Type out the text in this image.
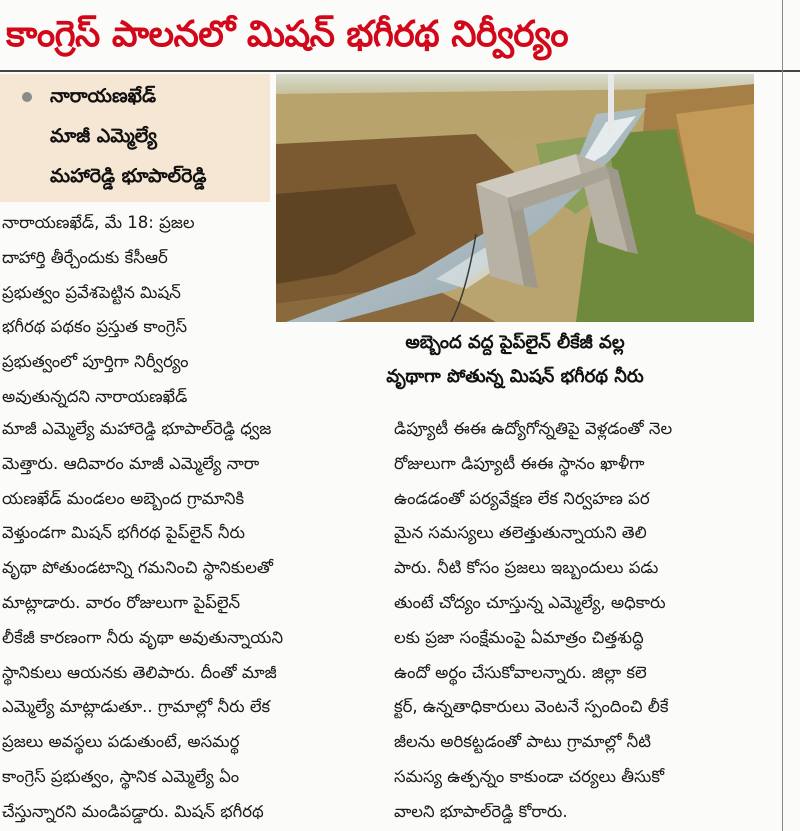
కాంగ్రెస్ పాలనలో మిషన్ భగీరథ నిర్వీర్యం
నారాయణఖేడ్
మాజీ ఎమ్మెల్యే
మహారెడ్డి భూపాల్‌రెడ్డి
అబ్బెంద వద్ద పైప్‌లైన్ లీకేజీ వల్ల
వృథాగా పోతున్న మిషన్ భగీరథ నీరు
నారాయణఖేడ్, మే 18: ప్రజల
దాహార్తి తీర్చేందుకు కేసీఆర్
ప్రభుత్వం ప్రవేశపెట్టిన మిషన్
భగీరథ పథకం ప్రస్తుత కాంగ్రెస్
ప్రభుత్వంలో పూర్తిగా నిర్వీర్యం
అవుతున్నదని నారాయణఖేడ్
మాజీ ఎమ్మెల్యే మహారెడ్డి భూపాల్‌రెడ్డి ధ్వజ
మెత్తారు. ఆదివారం మాజీ ఎమ్మెల్యే నారా
యణఖేడ్ మండలం అబ్బెంద గ్రామానికి
వెళ్తుండగా మిషన్ భగీరథ పైప్‌లైన్ నీరు
వృథా పోతుండటాన్ని గమనించి స్థానికులతో
మాట్లాడారు. వారం రోజులుగా పైప్‌లైన్
లీకేజీ కారణంగా నీరు వృథా అవుతున్నాయని
స్థానికులు ఆయనకు తెలిపారు. దీంతో మాజీ
ఎమ్మెల్యే మాట్లాడుతూ.. గ్రామాల్లో నీరు లేక
ప్రజలు అవస్థలు పడుతుంటే, అసమర్థ
కాంగ్రెస్ ప్రభుత్వం, స్థానిక ఎమ్మెల్యే ఏం
చేస్తున్నారని మండిపడ్డారు. మిషన్ భగీరథ
డిప్యూటీ ఈఈ ఉద్యోగోన్నతిపై వెళ్లడంతో నెల
రోజులుగా డిప్యూటీ ఈఈ స్థానం ఖాళీగా
ఉండడంతో పర్యవేక్షణ లేక నిర్వహణ పర
మైన సమస్యలు తలెత్తుతున్నాయని తెలి
పారు. నీటి కోసం ప్రజలు ఇబ్బందులు పడు
తుంటే చోద్యం చూస్తున్న ఎమ్మెల్యే, అధికారు
లకు ప్రజా సంక్షేమంపై ఏమాత్రం చిత్తశుద్ధి
ఉందో అర్థం చేసుకోవాలన్నారు. జిల్లా కలె
క్టర్, ఉన్నతాధికారులు వెంటనే స్పందించి లీకే
జీలను అరికట్టడంతో పాటు గ్రామాల్లో నీటి
సమస్య ఉత్పన్నం కాకుండా చర్యలు తీసుకో
వాలని భూపాల్‌రెడ్డి కోరారు.
